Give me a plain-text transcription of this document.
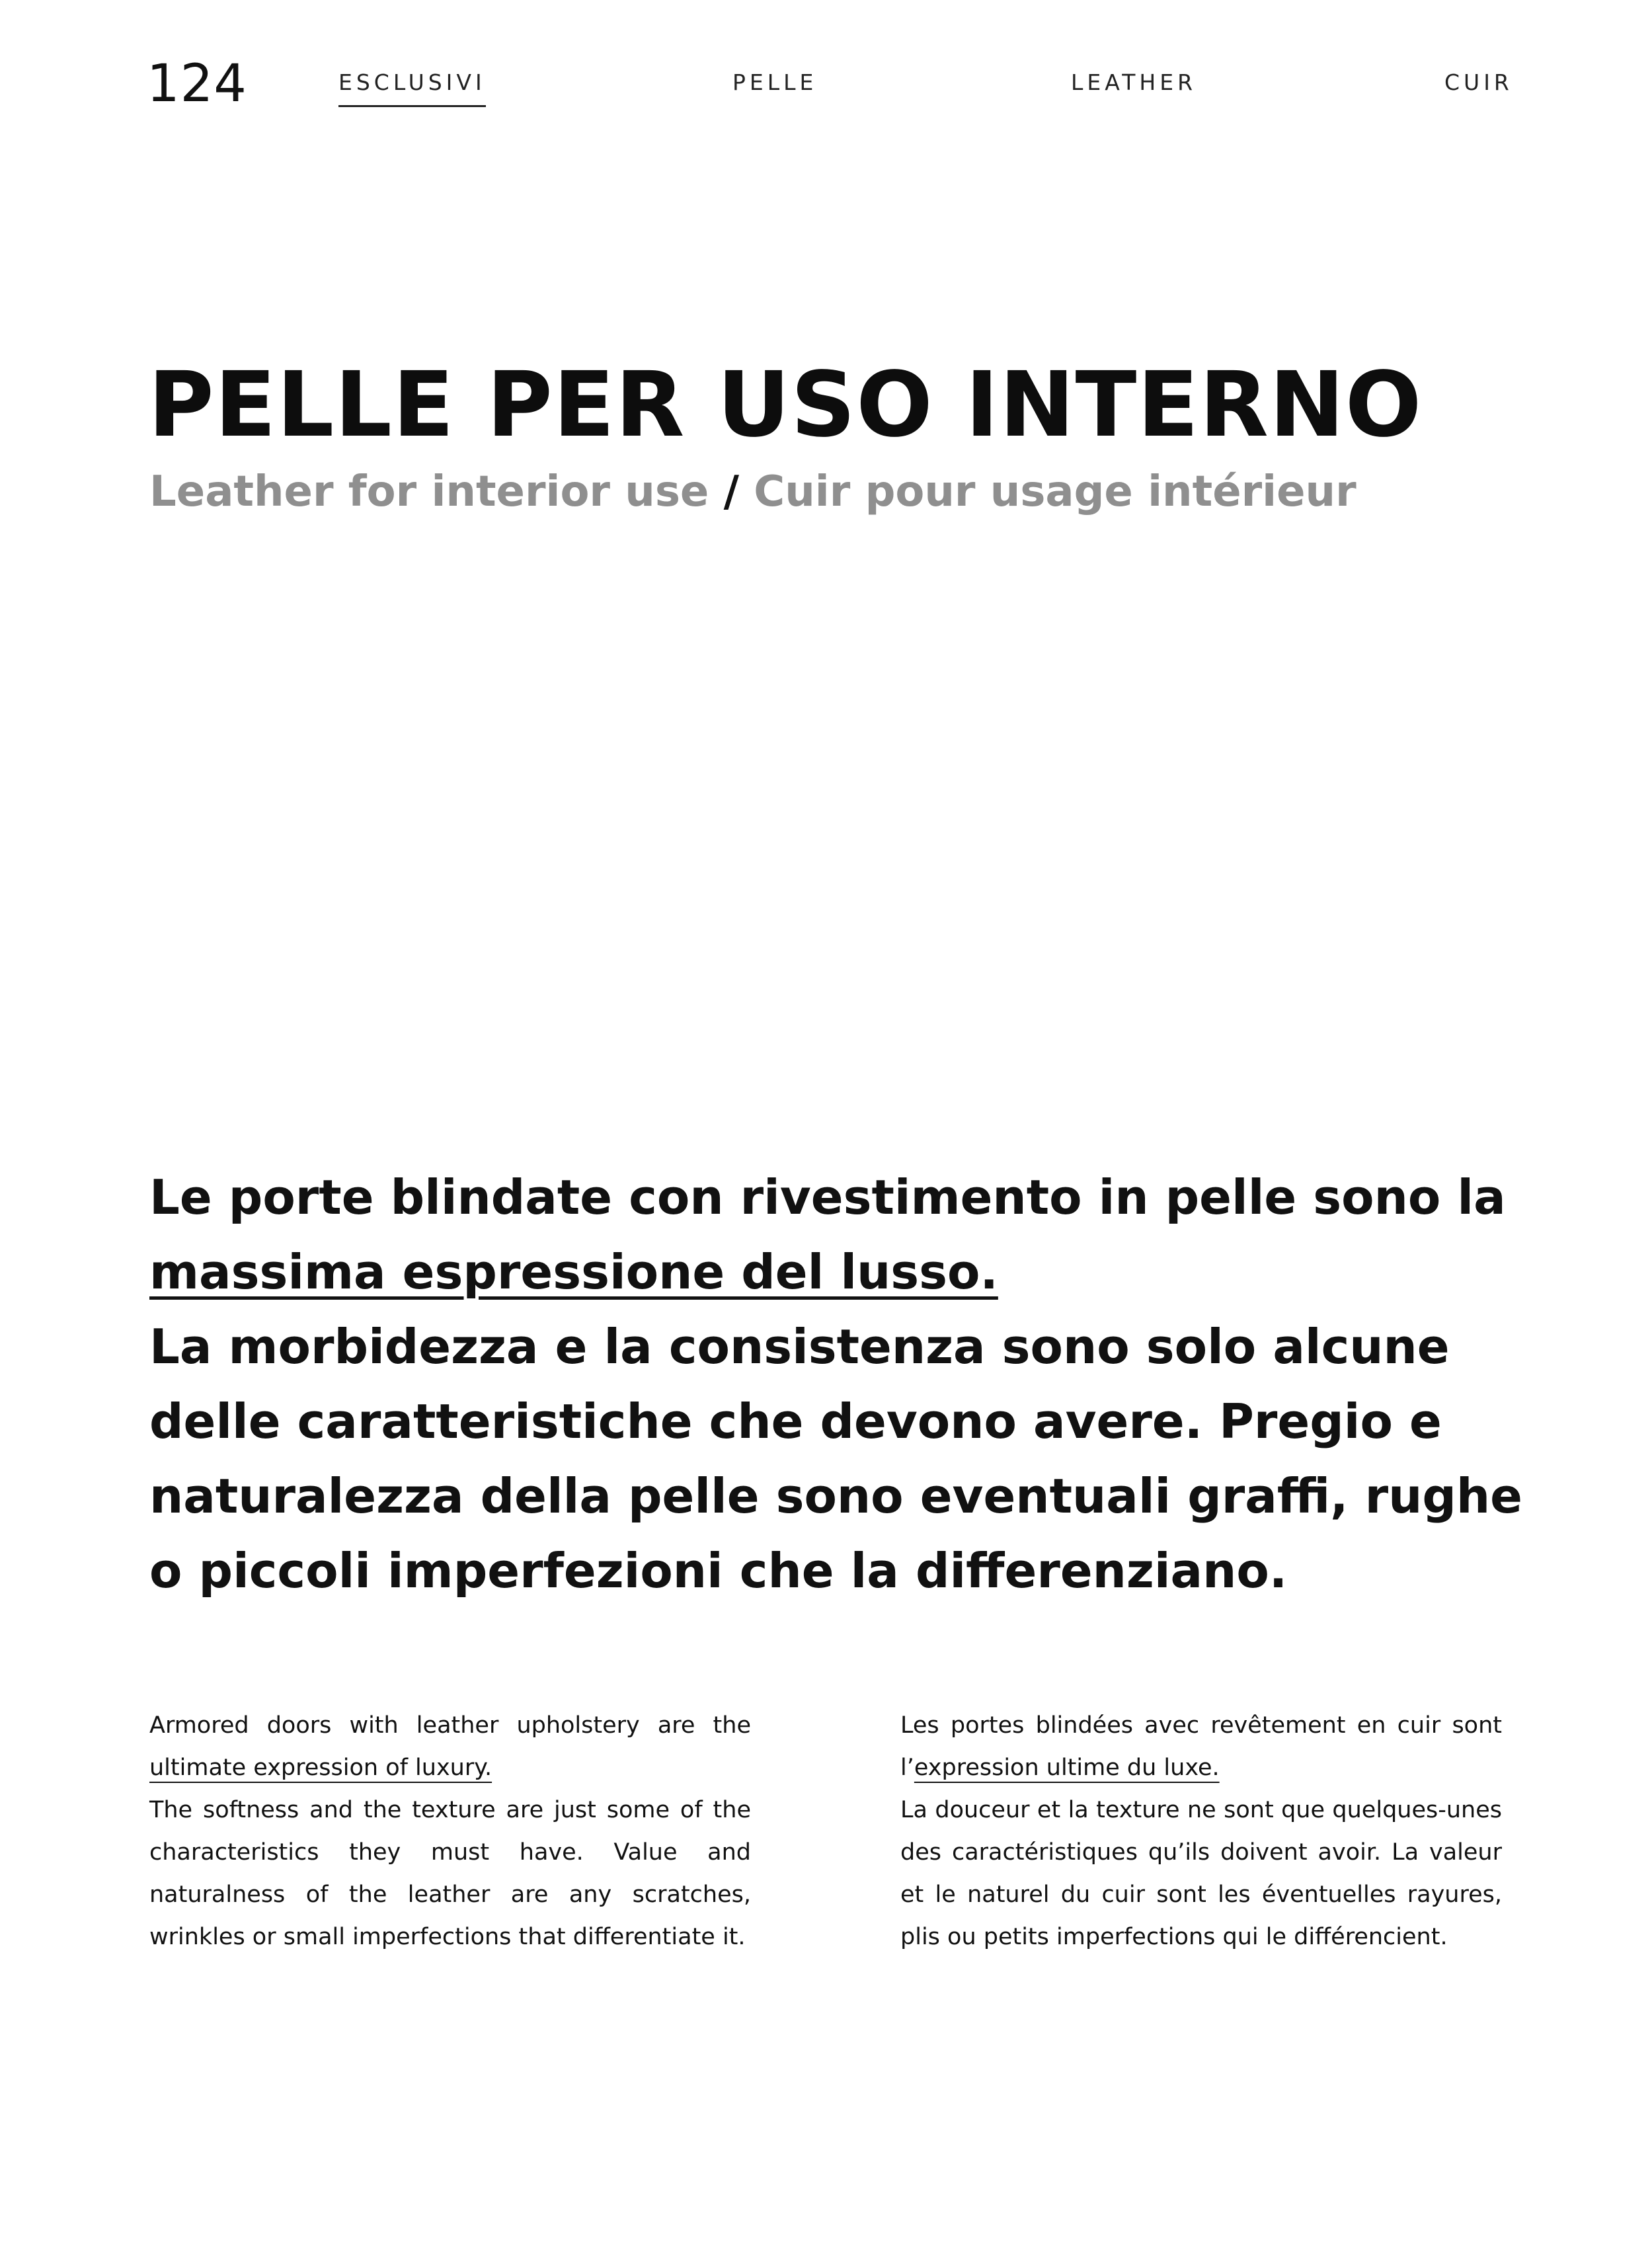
124	ESCLUSIVI	PELLE	LEATHER	CUIR
PELLE PER USO INTERNO

Leather for interior use / Cuir pour usage intérieur

Le porte blindate con rivestimento in pelle sono la
massima espressione del lusso.
La morbidezza e la consistenza sono solo alcune delle caratteristiche che devono avere. Pregio e naturalezza della pelle sono eventuali graffi, rughe o piccoli imperfezioni che la differenziano.

Armored doors with leather upholstery are the ultimate expression of luxury.
The softness and the texture are just some of the characteristics they must have. Value and naturalness of the leather are any scratches, wrinkles or small imperfections that differentiate it.

Les portes blindées avec revêtement en cuir sont l’expression ultime du luxe.
La douceur et la texture ne sont que quelques-unes des caractéristiques qu’ils doivent avoir. La valeur et le naturel du cuir sont les éventuelles rayures, plis ou petits imperfections qui le différencient.
